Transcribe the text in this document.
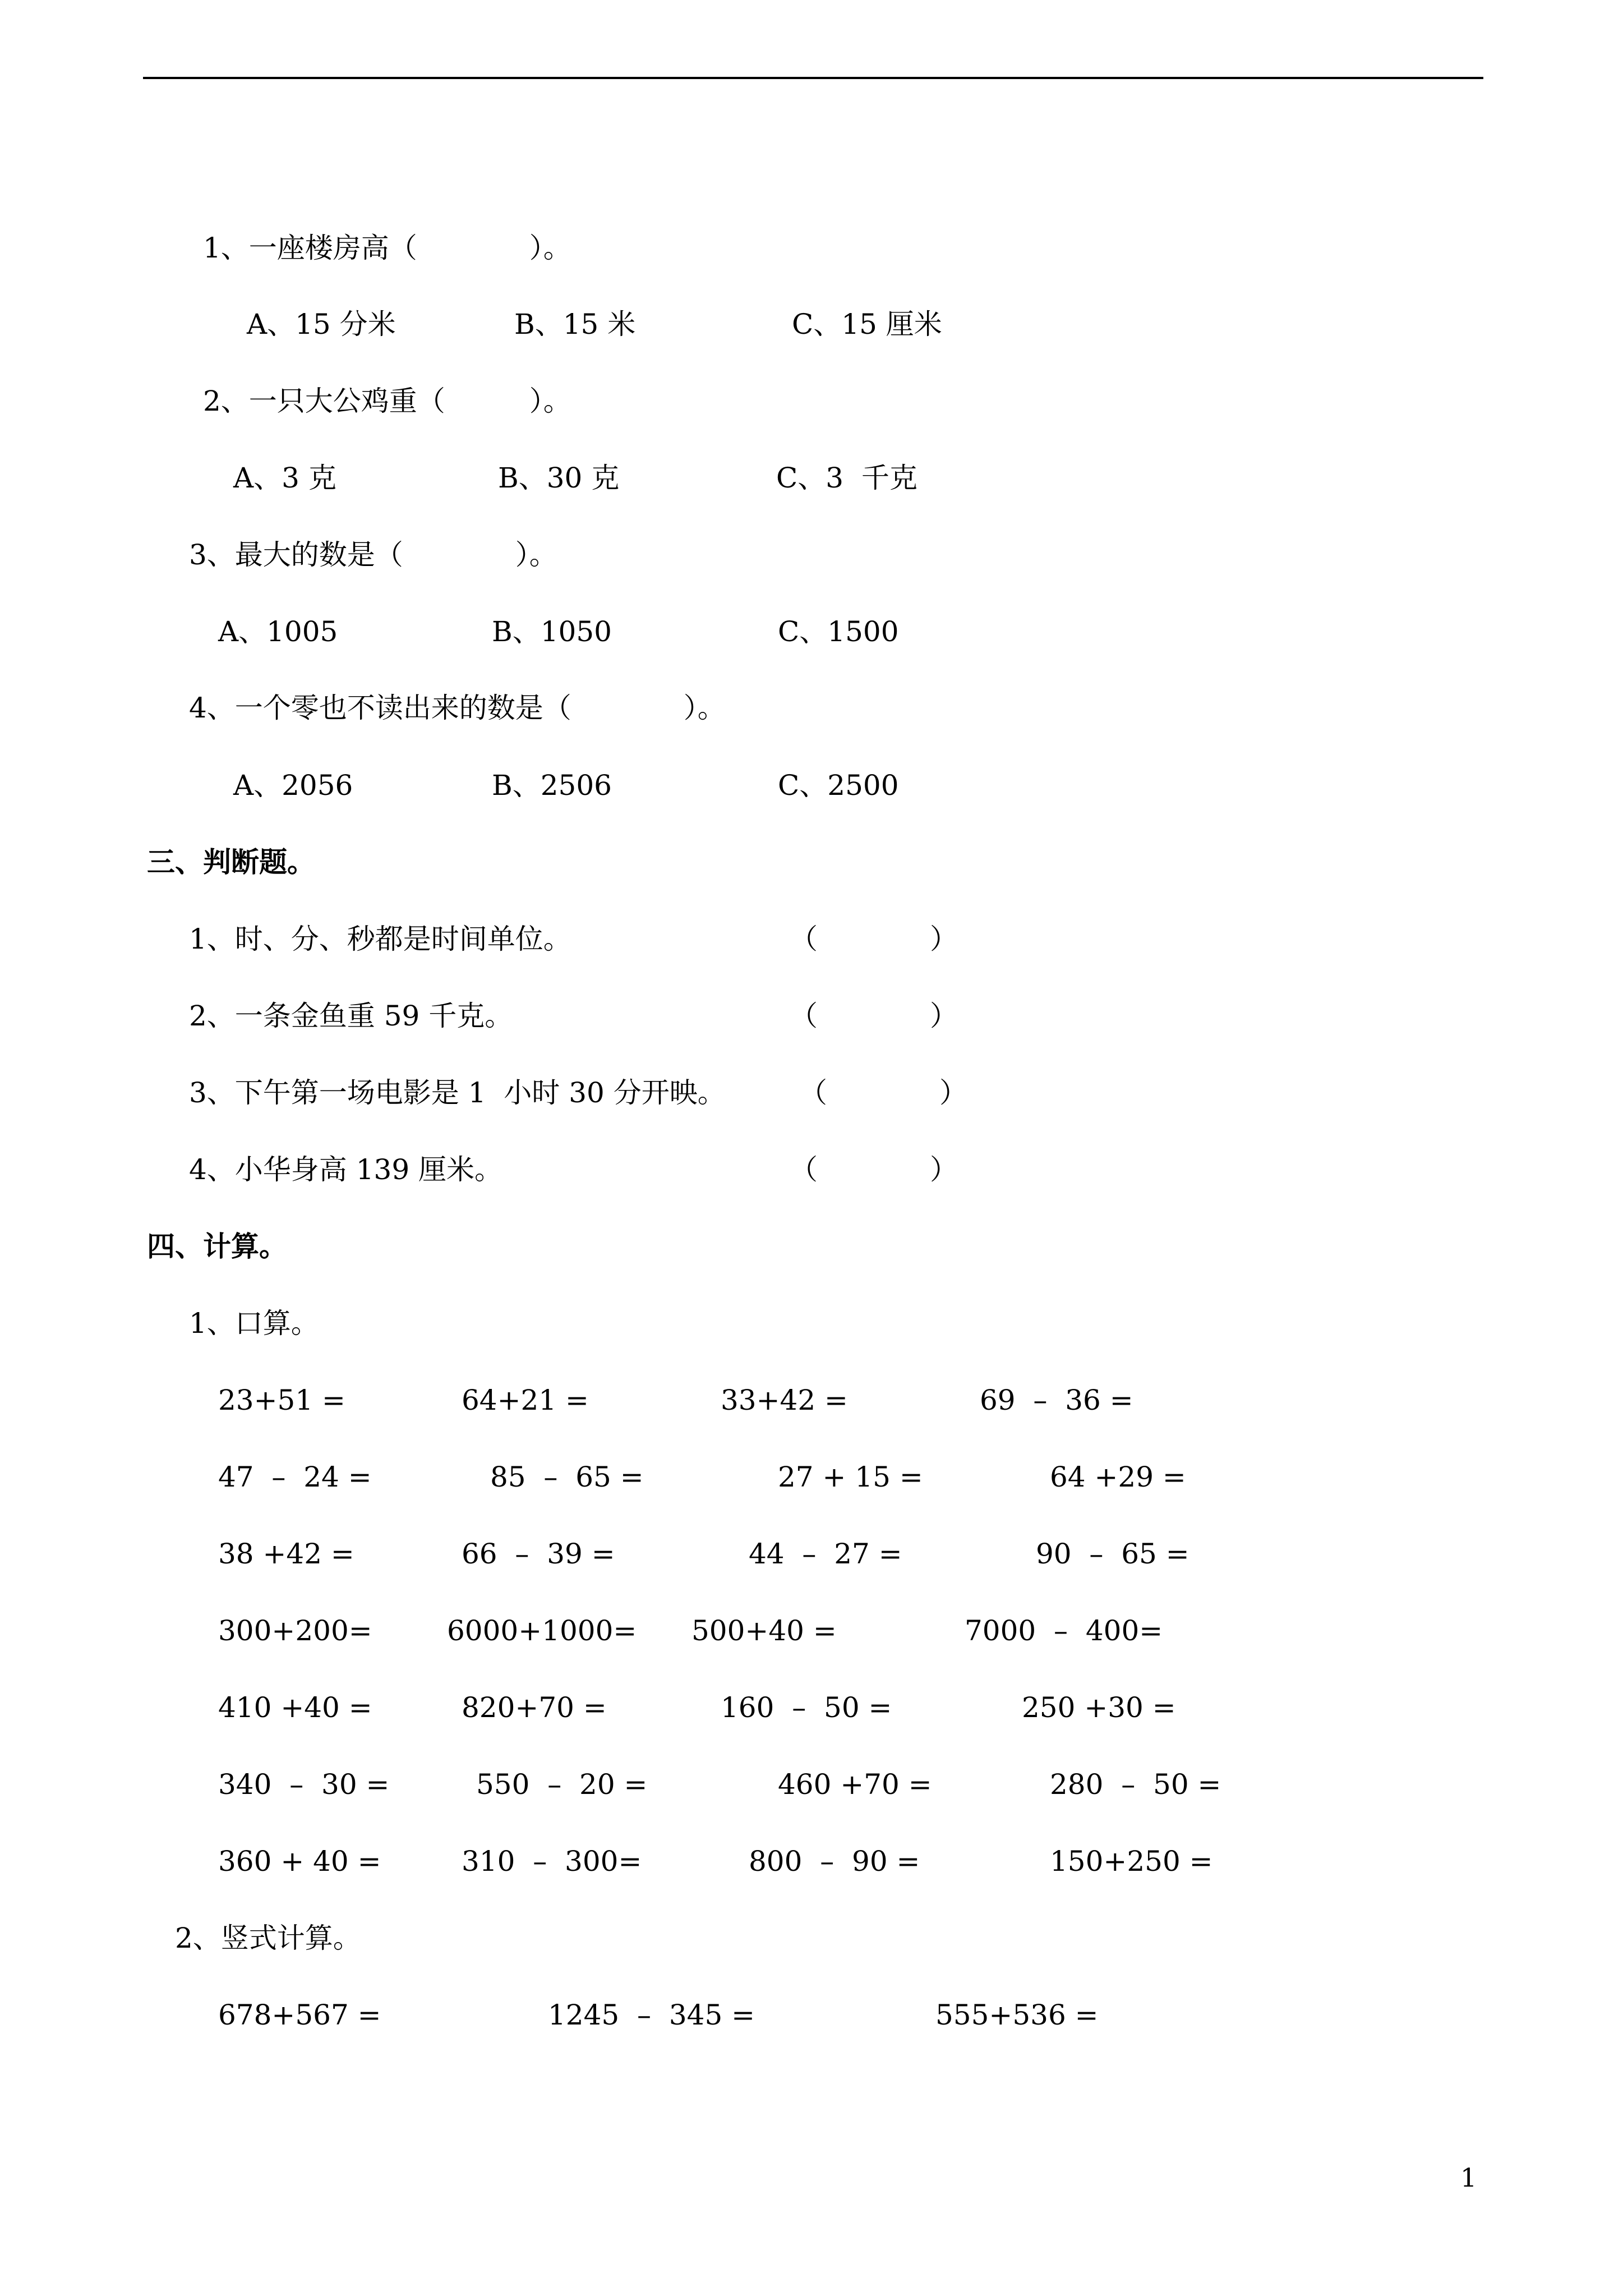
1、一座楼房高（　　　　）。
A、15 分米	B、15 米	C、15 厘米
2、一只大公鸡重（　　　）。
A、3 克	B、30 克	C、3  千克
3、最大的数是（　　　　）。
A、1005	B、1050	C、1500
4、一个零也不读出来的数是（　　　　）。
A、2056	B、2506	C、2500
三、判断题。
1、时、分、秒都是时间单位。	（　　　　）
2、一条金鱼重 59 千克。	（　　　　）
3、下午第一场电影是 1  小时 30 分开映。	（　　　　）
4、小华身高 139 厘米。	（　　　　）
四、计算。
1、口算。
23+51 =	64+21 =	33+42 =	69  –  36 =
47  –  24 =	85  –  65 =	27 + 15 =	64 +29 =
38 +42 =	66  –  39 =	44  –  27 =	90  –  65 =
300+200=	6000+1000= 500+40 =	7000  –  400=
410 +40 =	820+70 =	160  –  50 =	250 +30 =
340  –  30 =	550  –  20 =	460 +70 =	280  –  50 =
360 + 40 =	310  –  300=	800  –  90 =	150+250 =
2、竖式计算。
678+567 =	1245  –  345 =	555+536 =
1
